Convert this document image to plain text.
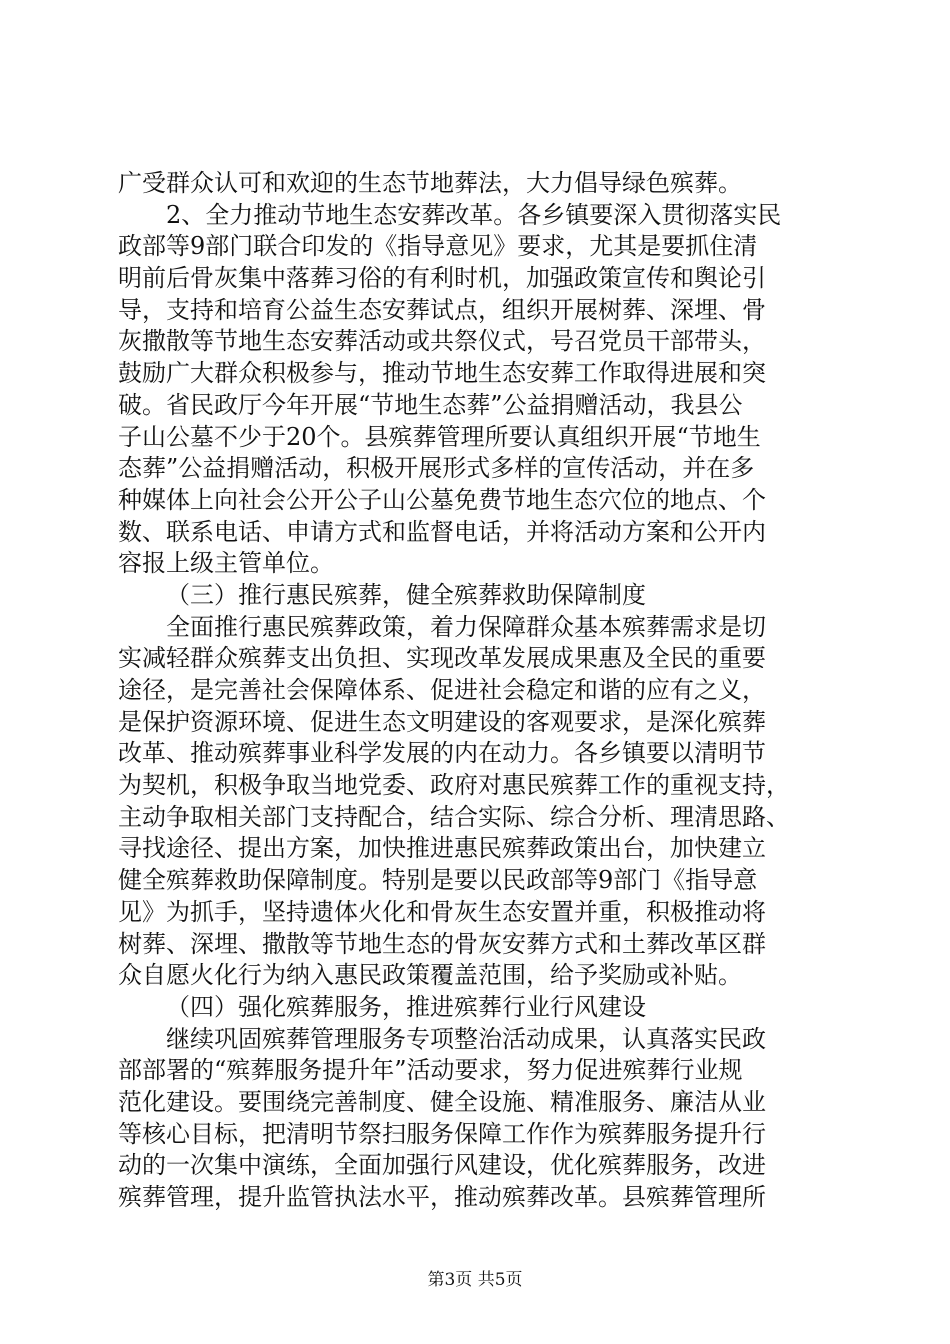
广受群众认可和欢迎的生态节地葬法，大力倡导绿色殡葬。
2、全力推动节地生态安葬改革。各乡镇要深入贯彻落实民
政部等9部门联合印发的《指导意见》要求，尤其是要抓住清
明前后骨灰集中落葬习俗的有利时机，加强政策宣传和舆论引
导，支持和培育公益生态安葬试点，组织开展树葬、深埋、骨
灰撒散等节地生态安葬活动或共祭仪式，号召党员干部带头，
鼓励广大群众积极参与，推动节地生态安葬工作取得进展和突
破。省民政厅今年开展“节地生态葬”公益捐赠活动，我县公
子山公墓不少于20个。县殡葬管理所要认真组织开展“节地生
态葬”公益捐赠活动，积极开展形式多样的宣传活动，并在多
种媒体上向社会公开公子山公墓免费节地生态穴位的地点、个
数、联系电话、申请方式和监督电话，并将活动方案和公开内
容报上级主管单位。
（三）推行惠民殡葬，健全殡葬救助保障制度
全面推行惠民殡葬政策，着力保障群众基本殡葬需求是切
实减轻群众殡葬支出负担、实现改革发展成果惠及全民的重要
途径，是完善社会保障体系、促进社会稳定和谐的应有之义，
是保护资源环境、促进生态文明建设的客观要求，是深化殡葬
改革、推动殡葬事业科学发展的内在动力。各乡镇要以清明节
为契机，积极争取当地党委、政府对惠民殡葬工作的重视支持，
主动争取相关部门支持配合，结合实际、综合分析、理清思路、
寻找途径、提出方案，加快推进惠民殡葬政策出台，加快建立
健全殡葬救助保障制度。特别是要以民政部等9部门《指导意
见》为抓手，坚持遗体火化和骨灰生态安置并重，积极推动将
树葬、深埋、撒散等节地生态的骨灰安葬方式和土葬改革区群
众自愿火化行为纳入惠民政策覆盖范围，给予奖励或补贴。
（四）强化殡葬服务，推进殡葬行业行风建设
继续巩固殡葬管理服务专项整治活动成果，认真落实民政
部部署的“殡葬服务提升年”活动要求，努力促进殡葬行业规
范化建设。要围绕完善制度、健全设施、精准服务、廉洁从业
等核心目标，把清明节祭扫服务保障工作作为殡葬服务提升行
动的一次集中演练，全面加强行风建设，优化殡葬服务，改进
殡葬管理，提升监管执法水平，推动殡葬改革。县殡葬管理所
第3页 共5页
